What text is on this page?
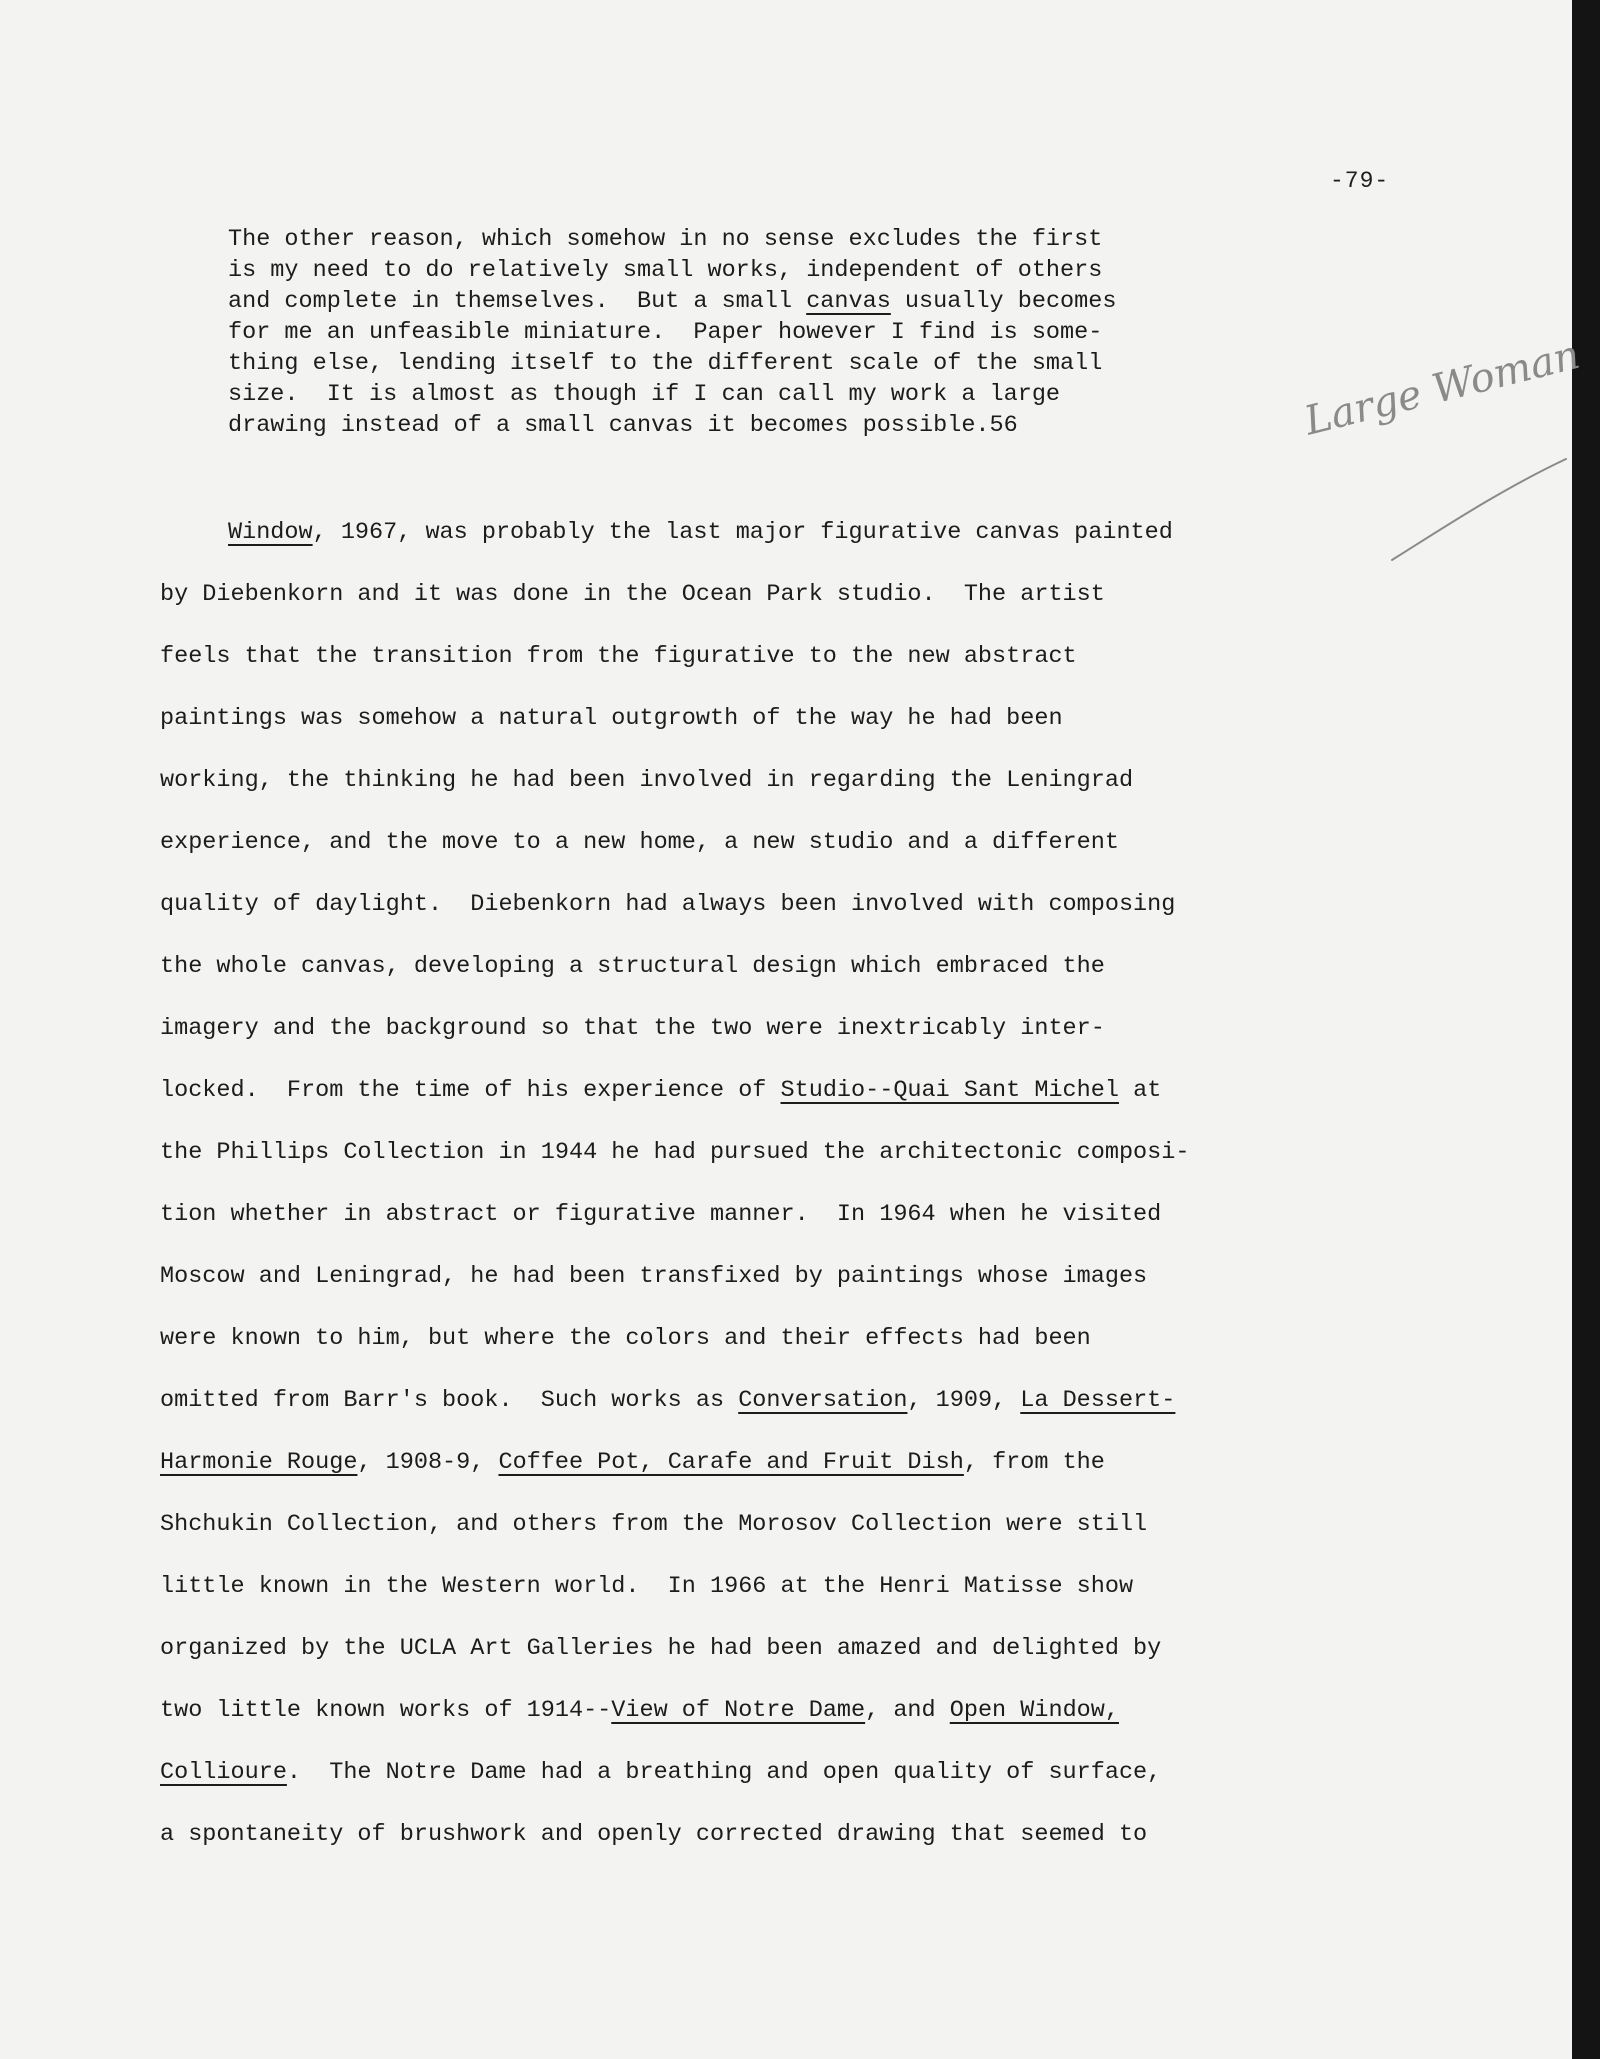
-79-

The other reason, which somehow in no sense excludes the first
is my need to do relatively small works, independent of others
and complete in themselves.  But a small canvas usually becomes
for me an unfeasible miniature.  Paper however I find is some-
thing else, lending itself to the different scale of the small
size.  It is almost as though if I can call my work a large
drawing instead of a small canvas it becomes possible.56	Large Woman
Window, 1967, was probably the last major figurative canvas painted
by Diebenkorn and it was done in the Ocean Park studio.  The artist
feels that the transition from the figurative to the new abstract
paintings was somehow a natural outgrowth of the way he had been
working, the thinking he had been involved in regarding the Leningrad
experience, and the move to a new home, a new studio and a different
quality of daylight.  Diebenkorn had always been involved with composing
the whole canvas, developing a structural design which embraced the
imagery and the background so that the two were inextricably inter-
locked.  From the time of his experience of Studio--Quai Sant Michel at
the Phillips Collection in 1944 he had pursued the architectonic composi-
tion whether in abstract or figurative manner.  In 1964 when he visited
Moscow and Leningrad, he had been transfixed by paintings whose images
were known to him, but where the colors and their effects had been
omitted from Barr's book.  Such works as Conversation, 1909, La Dessert-
Harmonie Rouge, 1908-9, Coffee Pot, Carafe and Fruit Dish, from the
Shchukin Collection, and others from the Morosov Collection were still
little known in the Western world.  In 1966 at the Henri Matisse show
organized by the UCLA Art Galleries he had been amazed and delighted by
two little known works of 1914--View of Notre Dame, and Open Window,
Collioure.  The Notre Dame had a breathing and open quality of surface,
a spontaneity of brushwork and openly corrected drawing that seemed to
